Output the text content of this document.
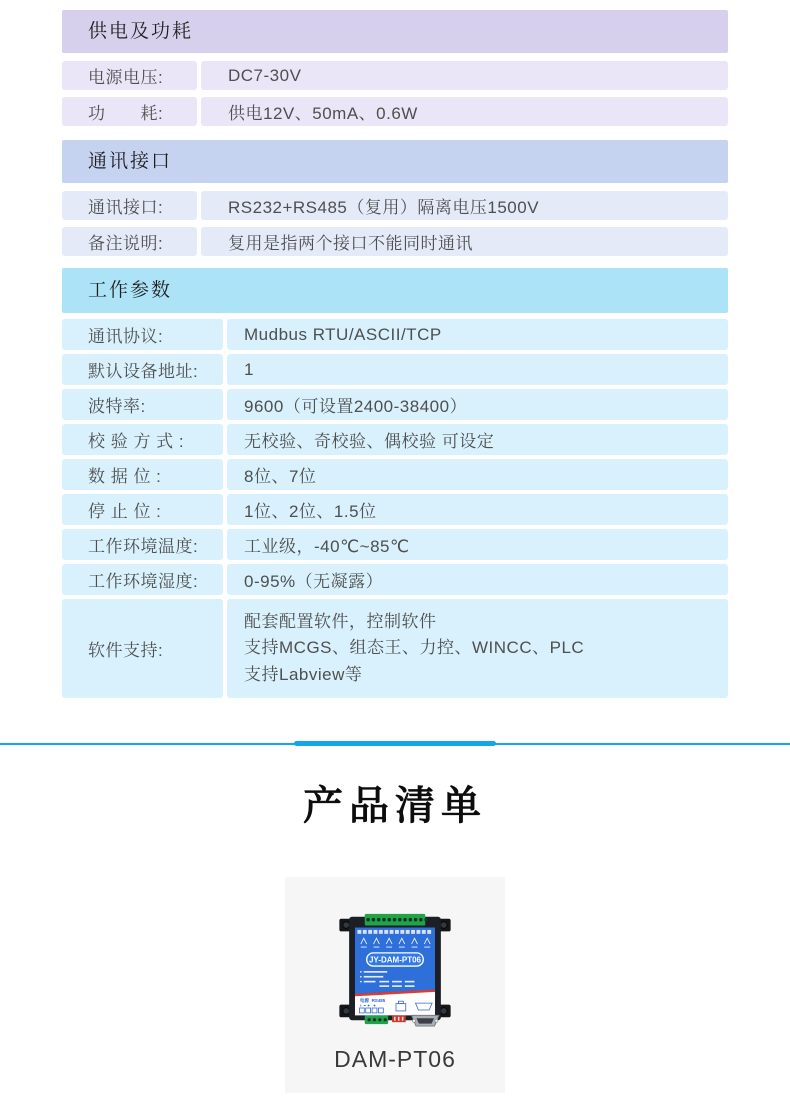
供电及功耗
电源电压:	DC7-30V
功　　耗:	供电12V、50mA、0.6W
通讯接口
通讯接口:	RS232+RS485（复用）隔离电压1500V
备注说明:	复用是指两个接口不能同时通讯
工作参数
通讯协议:	Mudbus RTU/ASCII/TCP
默认设备地址:	1
波特率:	9600（可设置2400-38400）
校 验 方 式 :	无校验、奇校验、偶校验 可设定
数 据 位 :	8位、7位
停 止 位 :	1位、2位、1.5位
工作环境温度:	工业级，-40℃~85℃
工作环境湿度:	0-95%（无凝露）
软件支持:
配套配置软件，控制软件
支持MCGS、组态王、力控、WINCC、PLC
支持Labview等
产品清单
JY-DAM-PT06
电源 RS485
DAM-PT06
